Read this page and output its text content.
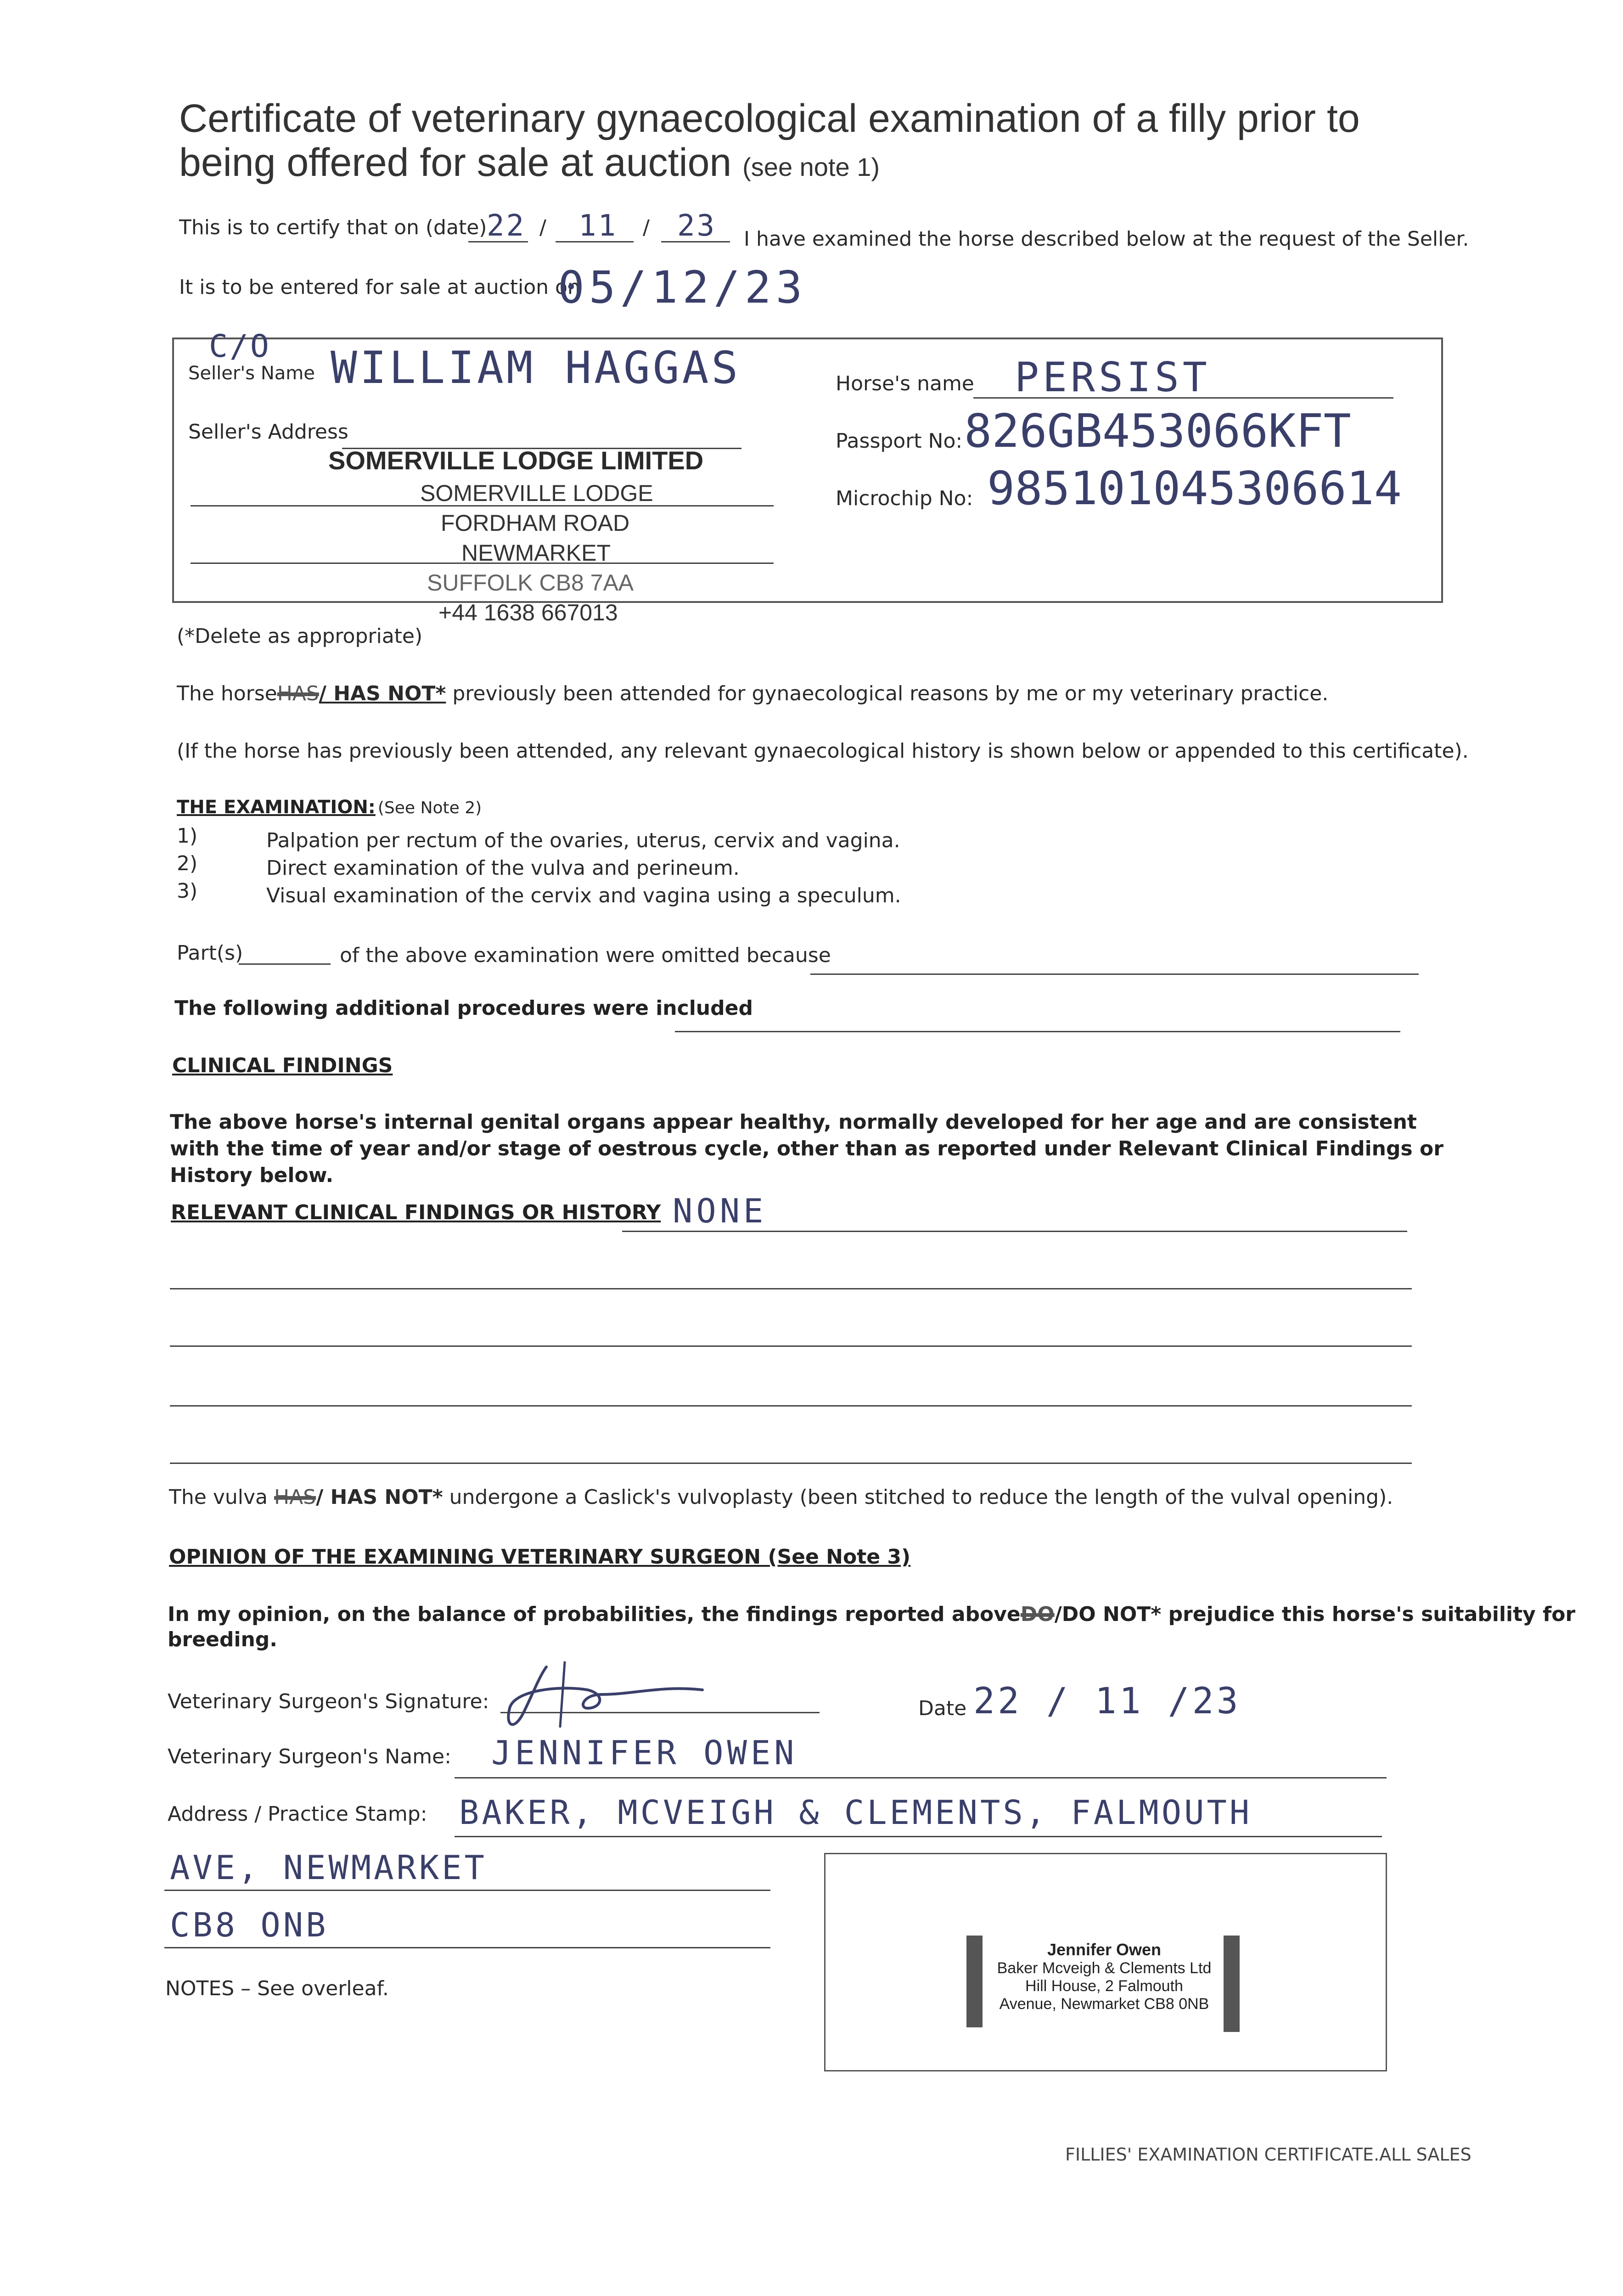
Certificate of veterinary gynaecological examination of a filly prior to
being offered for sale at auction (see note 1)
This is to certify that on (date) 22 / 11 / 23 I have examined the horse described below at the request of the Seller.
It is to be entered for sale at auction on
05/12/23
C/O
Seller's Name WILLIAM HAGGAS
Seller's Address
SOMERVILLE LODGE LIMITED
SOMERVILLE LODGE
FORDHAM ROAD
NEWMARKET
SUFFOLK CB8 7AA
+44 1638 667013
Horse's name PERSIST
Passport No: 826GB453066KFT
Microchip No: 985101045306614
(*Delete as appropriate)
The horseHAS/ HAS NOT* previously been attended for gynaecological reasons by me or my veterinary practice.
(If the horse has previously been attended, any relevant gynaecological history is shown below or appended to this certificate).
THE EXAMINATION: (See Note 2)
1)	Palpation per rectum of the ovaries, uterus, cervix and vagina.
2)	Direct examination of the vulva and perineum.
3)	Visual examination of the cervix and vagina using a speculum.
Part(s)	of the above examination were omitted because
The following additional procedures were included
CLINICAL FINDINGS
The above horse's internal genital organs appear healthy, normally developed for her age and are consistent with the time of year and/or stage of oestrous cycle, other than as reported under Relevant Clinical Findings or History below.
RELEVANT CLINICAL FINDINGS OR HISTORY NONE
The vulva HAS/ HAS NOT* undergone a Caslick's vulvoplasty (been stitched to reduce the length of the vulval opening).
OPINION OF THE EXAMINING VETERINARY SURGEON (See Note 3)
In my opinion, on the balance of probabilities, the findings reported aboveDO/DO NOT* prejudice this horse's suitability for
breeding.
Veterinary Surgeon's Signature:	Date 22 / 11 /23
Veterinary Surgeon's Name: JENNIFER OWEN
Address / Practice Stamp: BAKER, MCVEIGH & CLEMENTS, FALMOUTH
AVE, NEWMARKET
CB8 ONB
Jennifer Owen
Baker Mcveigh & Clements Ltd
Hill House, 2 Falmouth
Avenue, Newmarket CB8 0NB
NOTES – See overleaf.
FILLIES' EXAMINATION CERTIFICATE.ALL SALES
